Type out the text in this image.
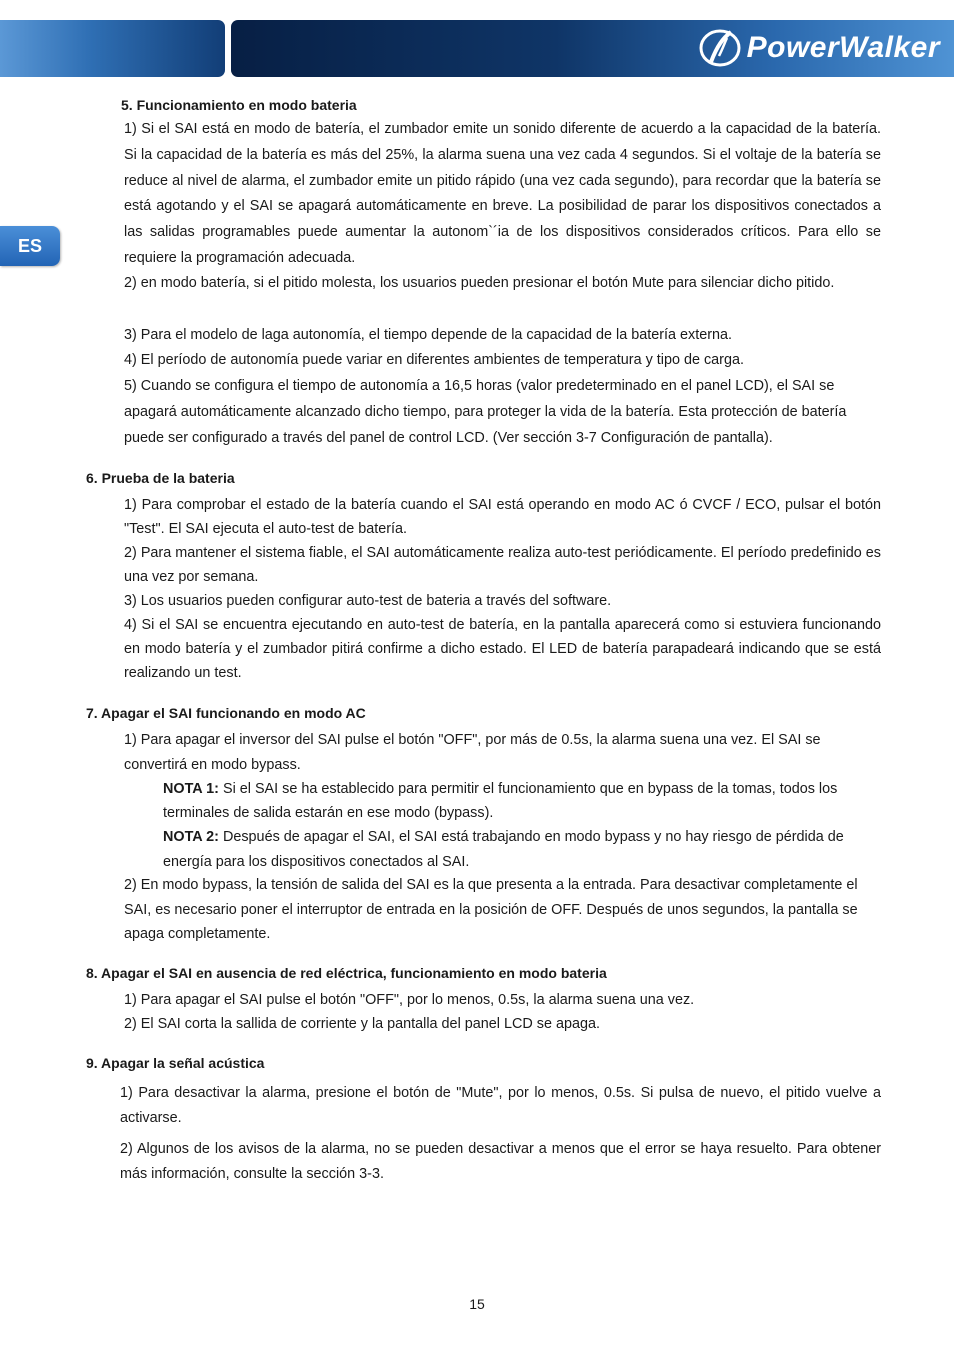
PowerWalker
ES

5. Funcionamiento en modo bateria

1) Si el SAI está en modo de batería, el zumbador emite un sonido diferente de acuerdo a la capacidad de la batería. Si la capacidad de la batería es más del 25%, la alarma suena una vez cada 4 segundos. Si el voltaje de la batería se reduce al nivel de alarma, el zumbador emite un pitido rápido (una vez cada segundo), para recordar que la batería se está agotando y el SAI se apagará automáticamente en breve. La posibilidad de parar los dispositivos conectados a las salidas programables puede aumentar la autonom`´ia de los dispositivos considerados críticos. Para ello se requiere la programación adecuada.

2) en modo batería, si el pitido molesta, los usuarios pueden presionar el botón Mute para silenciar dicho pitido.

3) Para el modelo de laga autonomía, el tiempo depende de la capacidad de la batería externa.

4) El período de autonomía puede variar en diferentes ambientes de temperatura y tipo de carga.

5) Cuando se configura el tiempo de autonomía a 16,5 horas (valor predeterminado en el panel LCD), el SAI se apagará automáticamente alcanzado dicho tiempo, para proteger la vida de la batería. Esta protección de batería puede ser configurado a través del panel de control LCD. (Ver sección 3-7 Configuración de pantalla).

6. Prueba de la bateria

1) Para comprobar el estado de la batería cuando el SAI está operando en modo AC ó CVCF / ECO, pulsar el botón "Test". El SAI ejecuta el auto-test de batería.

2) Para mantener el sistema fiable, el SAI automáticamente realiza auto-test periódicamente. El período predefinido es una vez por semana.

3) Los usuarios pueden configurar auto-test de bateria a través del software.

4) Si el SAI se encuentra ejecutando en auto-test de batería, en la pantalla aparecerá como si estuviera funcionando en modo batería y el zumbador pitirá confirme a dicho estado. El LED de batería parapadeará indicando que se está realizando un test.

7. Apagar el SAI funcionando en modo AC

1) Para apagar el inversor del SAI pulse el botón "OFF", por más de 0.5s, la alarma suena una vez. El SAI se convertirá en modo bypass.

NOTA 1: Si el SAI se ha establecido para permitir el funcionamiento que en bypass de la tomas, todos los terminales de salida estarán en ese modo (bypass).

NOTA 2: Después de apagar el SAI, el SAI está trabajando en modo bypass y no hay riesgo de pérdida de energía para los dispositivos conectados al SAI.

2) En modo bypass, la tensión de salida del SAI es la que presenta a la entrada. Para desactivar completamente el SAI, es necesario poner el interruptor de entrada en la posición de OFF. Después de unos segundos, la pantalla se apaga completamente.

8. Apagar el SAI en ausencia de red eléctrica, funcionamiento en modo bateria

1) Para apagar el SAI pulse el botón "OFF", por lo menos, 0.5s, la alarma suena una vez.

2) El SAI corta la sallida de corriente y la pantalla del panel LCD se apaga.

9. Apagar la señal acústica

1) Para desactivar la alarma, presione el botón de "Mute", por lo menos, 0.5s. Si pulsa de nuevo, el pitido vuelve a activarse.

2) Algunos de los avisos de la alarma, no se pueden desactivar a menos que el error se haya resuelto. Para obtener más información, consulte la sección 3-3.

15
